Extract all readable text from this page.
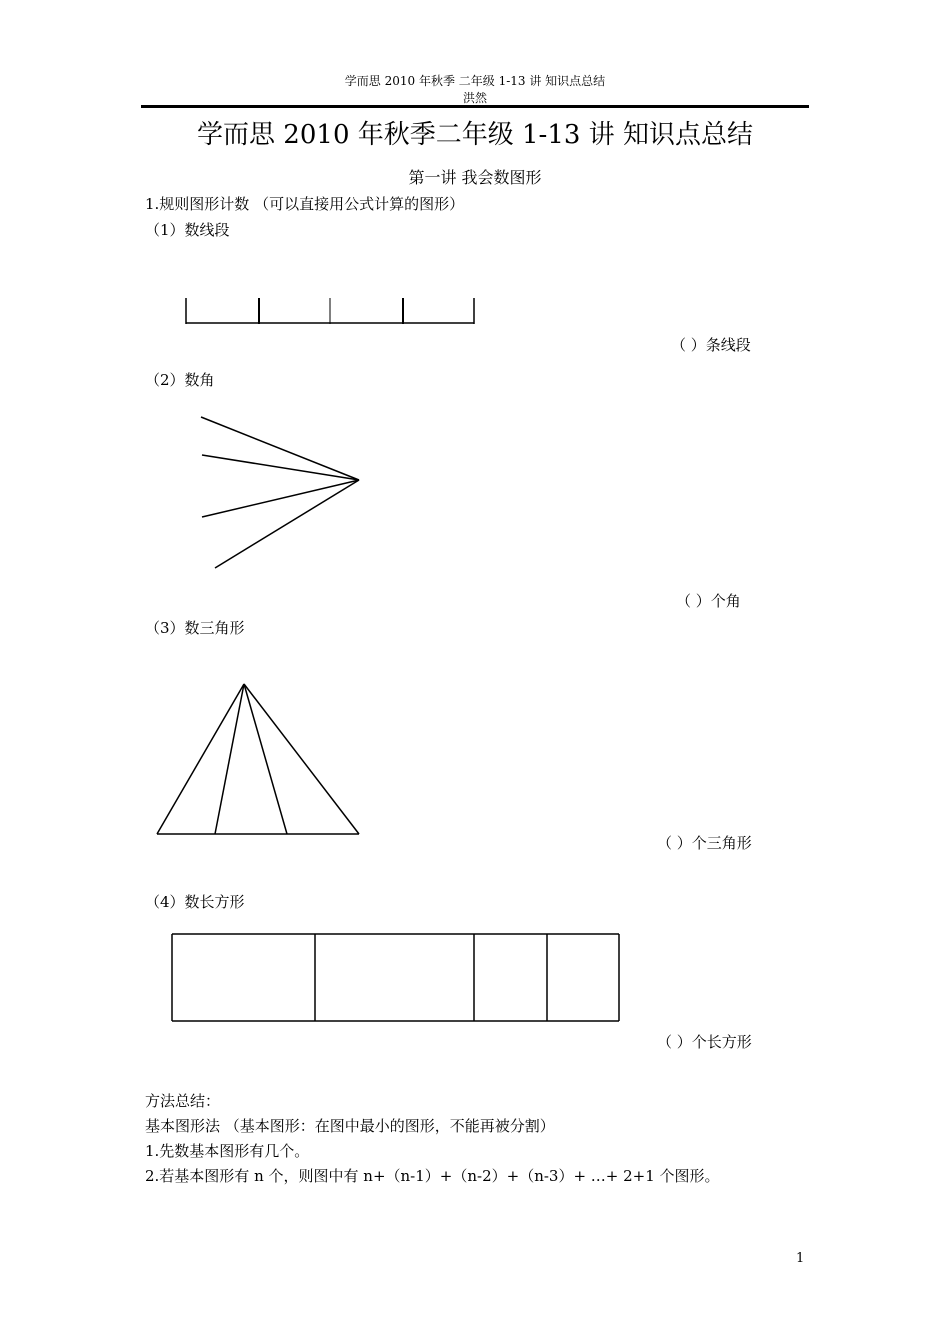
学而思 2010 年秋季 二年级 1-13 讲 知识点总结
洪然
学而思 2010 年秋季二年级 1-13 讲 知识点总结
第一讲 我会数图形
1.规则图形计数 （可以直接用公式计算的图形）
（1）数线段
（ ）条线段
（2）数角
（ ）个角
（3）数三角形
（ ）个三角形
（4）数长方形
（ ）个长方形
方法总结：
基本图形法 （基本图形：在图中最小的图形，不能再被分割）
1.先数基本图形有几个。
2.若基本图形有 n 个，则图中有 n+（n-1）+（n-2）+（n-3）+ …+ 2+1 个图形。
1
